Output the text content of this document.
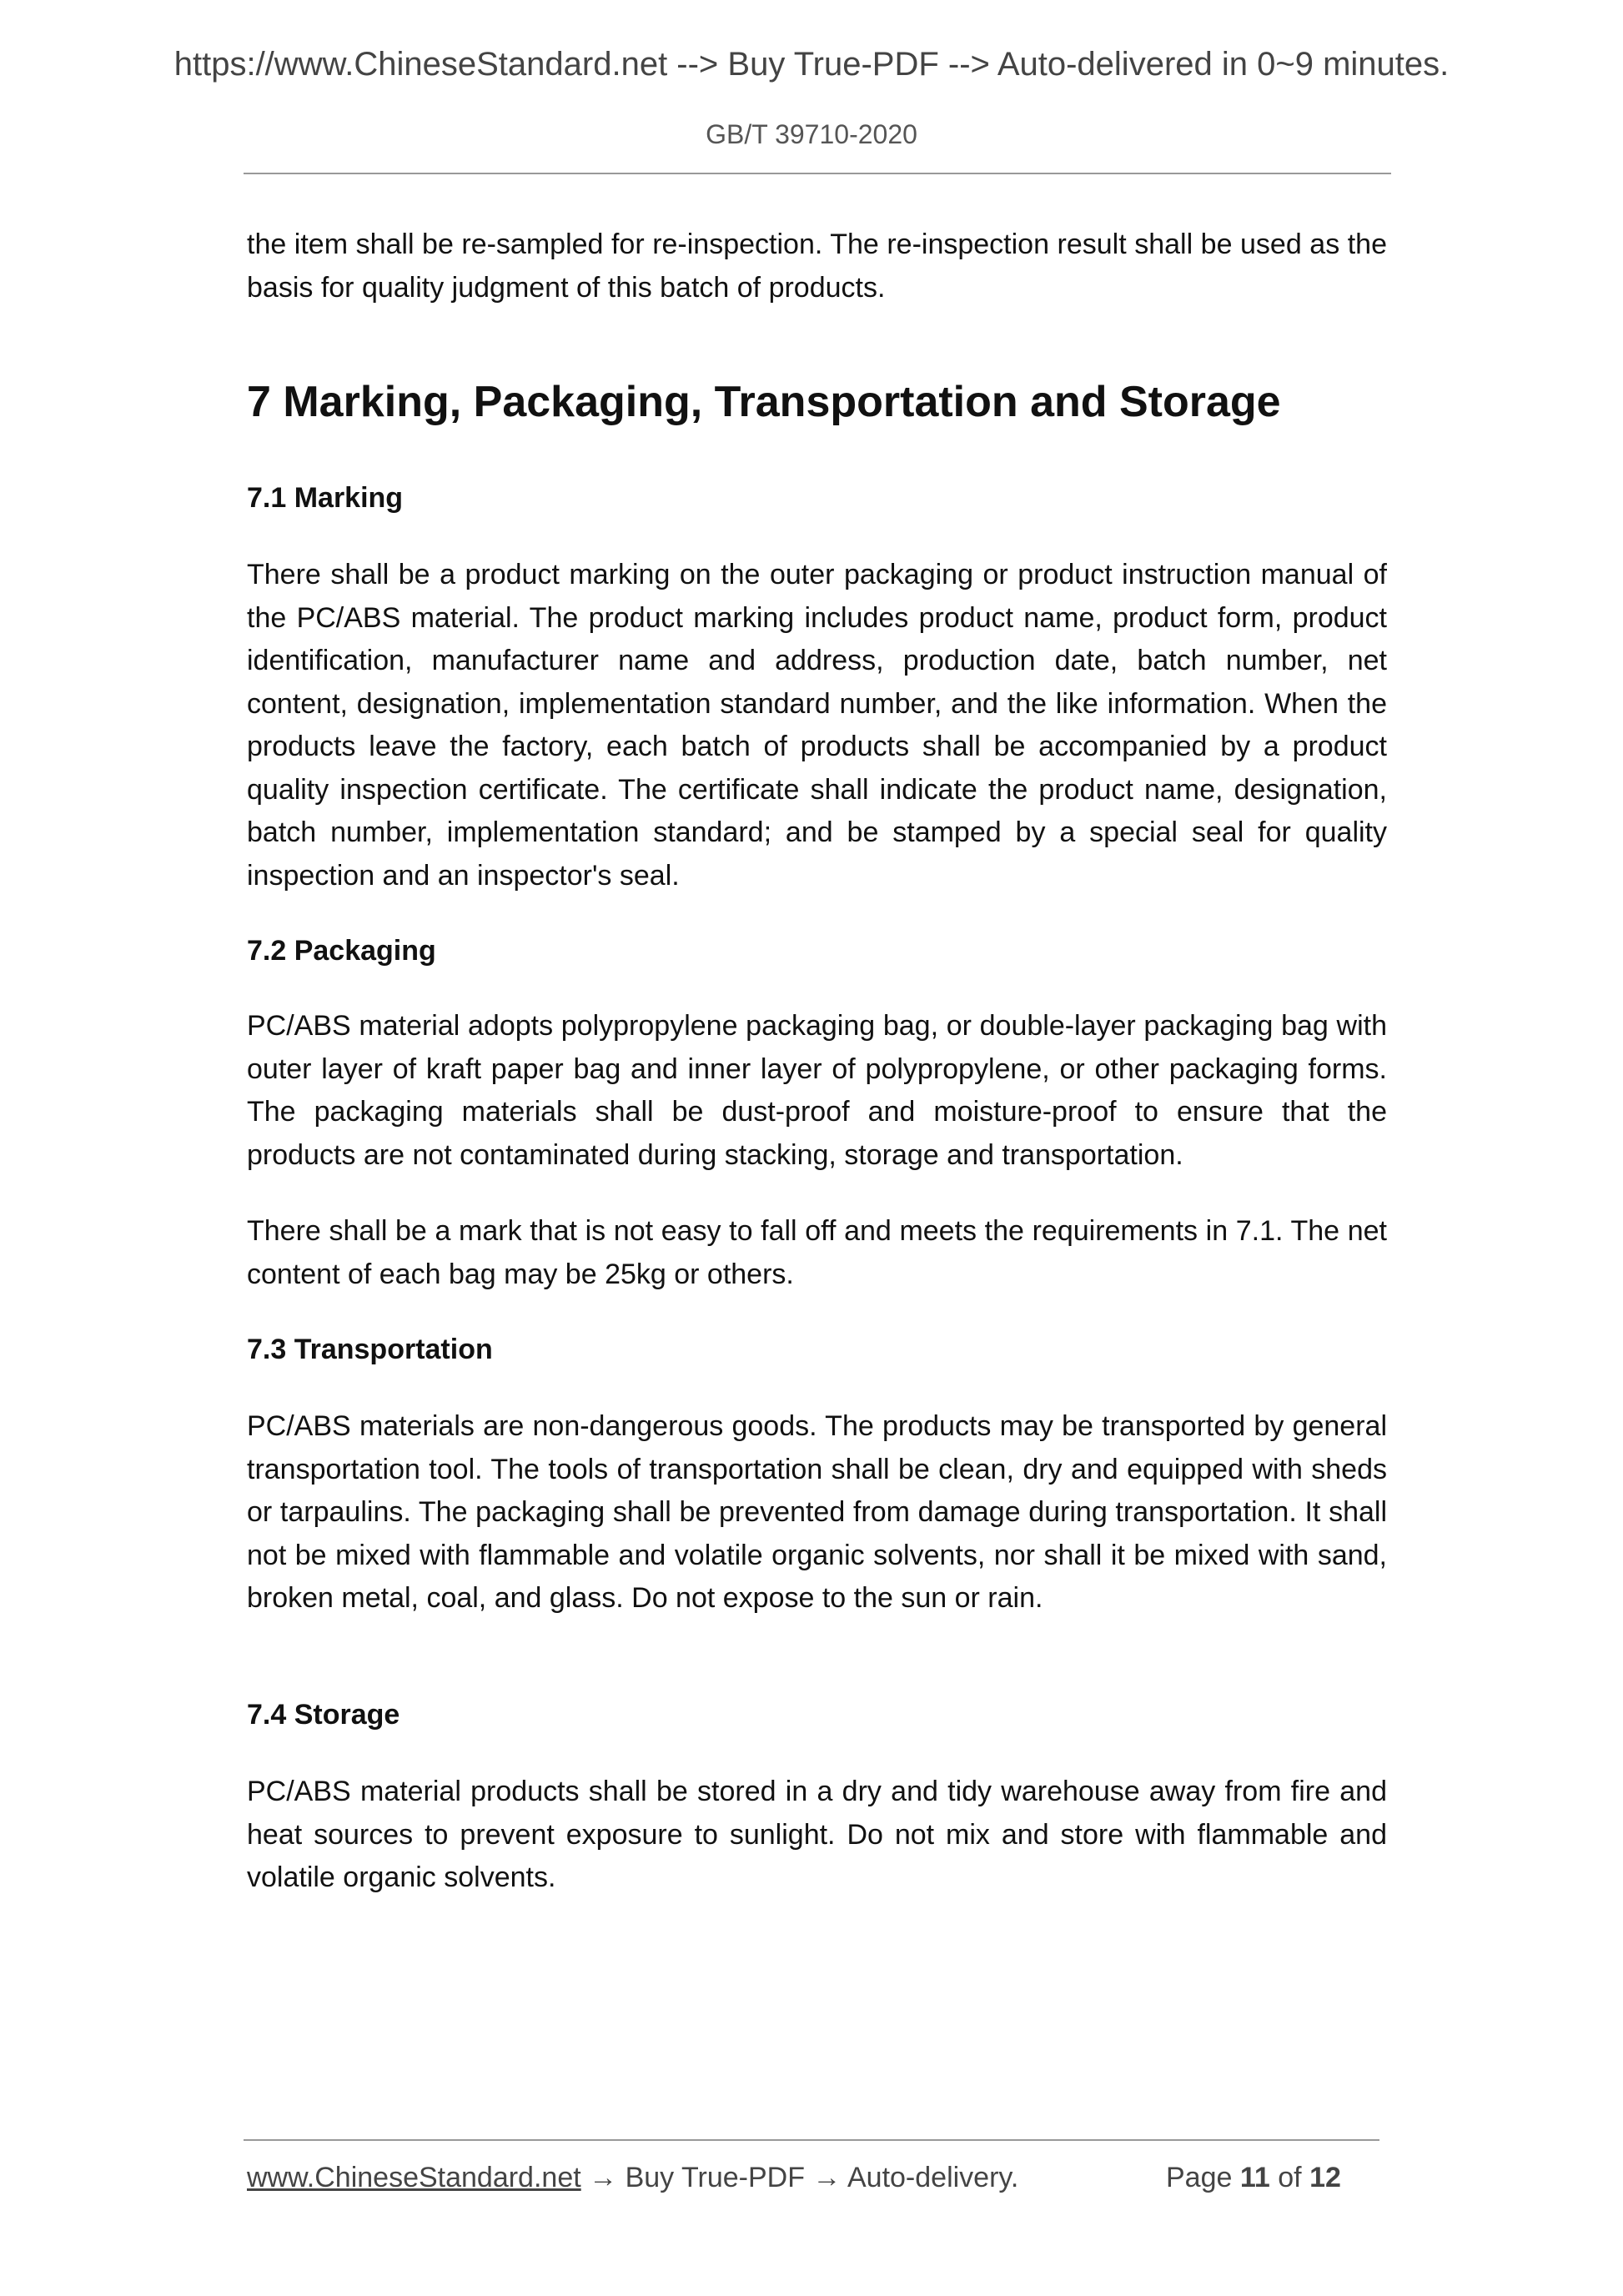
https://www.ChineseStandard.net --> Buy True-PDF --> Auto-delivered in 0~9 minutes.
GB/T 39710-2020
the item shall be re-sampled for re-inspection. The re-inspection result shall be used as the basis for quality judgment of this batch of products.
7 Marking, Packaging, Transportation and Storage
7.1 Marking
There shall be a product marking on the outer packaging or product instruction manual of the PC/ABS material. The product marking includes product name, product form, product identification, manufacturer name and address, production date, batch number, net content, designation, implementation standard number, and the like information. When the products leave the factory, each batch of products shall be accompanied by a product quality inspection certificate. The certificate shall indicate the product name, designation, batch number, implementation standard; and be stamped by a special seal for quality inspection and an inspector's seal.
7.2 Packaging
PC/ABS material adopts polypropylene packaging bag, or double-layer packaging bag with outer layer of kraft paper bag and inner layer of polypropylene, or other packaging forms. The packaging materials shall be dust-proof and moisture-proof to ensure that the products are not contaminated during stacking, storage and transportation.
There shall be a mark that is not easy to fall off and meets the requirements in 7.1. The net content of each bag may be 25kg or others.
7.3 Transportation
PC/ABS materials are non-dangerous goods. The products may be transported by general transportation tool. The tools of transportation shall be clean, dry and equipped with sheds or tarpaulins. The packaging shall be prevented from damage during transportation. It shall not be mixed with flammable and volatile organic solvents, nor shall it be mixed with sand, broken metal, coal, and glass. Do not expose to the sun or rain.
7.4 Storage
PC/ABS material products shall be stored in a dry and tidy warehouse away from fire and heat sources to prevent exposure to sunlight. Do not mix and store with flammable and volatile organic solvents.
www.ChineseStandard.net → Buy True-PDF → Auto-delivery.	Page 11 of 12
